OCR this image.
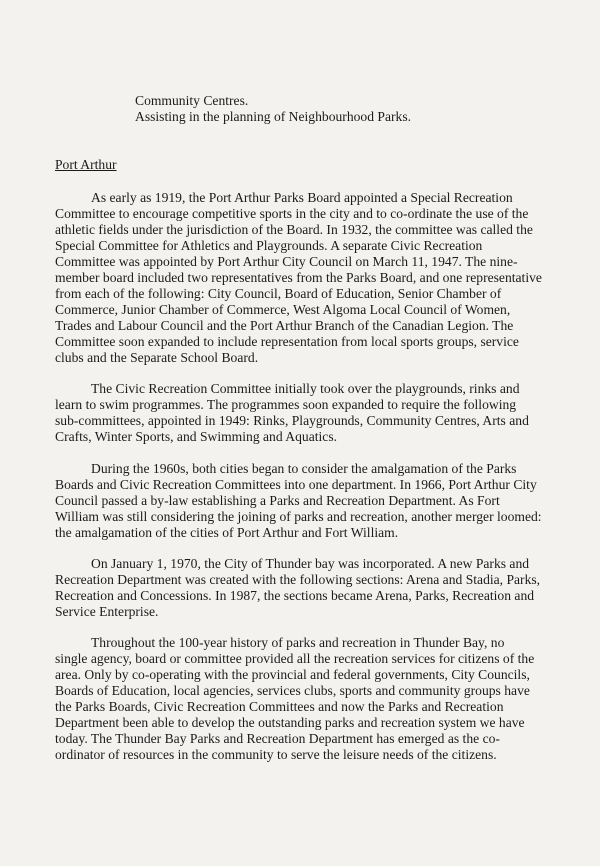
Community Centres.
Assisting in the planning of Neighbourhood Parks.
Port Arthur
As early as 1919, the Port Arthur Parks Board appointed a Special Recreation
Committee to encourage competitive sports in the city and to co-ordinate the use of the
athletic fields under the jurisdiction of the Board. In 1932, the committee was called the
Special Committee for Athletics and Playgrounds. A separate Civic Recreation
Committee was appointed by Port Arthur City Council on March 11, 1947. The nine-
member board included two representatives from the Parks Board, and one representative
from each of the following: City Council, Board of Education, Senior Chamber of
Commerce, Junior Chamber of Commerce, West Algoma Local Council of Women,
Trades and Labour Council and the Port Arthur Branch of the Canadian Legion. The
Committee soon expanded to include representation from local sports groups, service
clubs and the Separate School Board.
The Civic Recreation Committee initially took over the playgrounds, rinks and
learn to swim programmes. The programmes soon expanded to require the following
sub-committees, appointed in 1949: Rinks, Playgrounds, Community Centres, Arts and
Crafts, Winter Sports, and Swimming and Aquatics.
During the 1960s, both cities began to consider the amalgamation of the Parks
Boards and Civic Recreation Committees into one department. In 1966, Port Arthur City
Council passed a by-law establishing a Parks and Recreation Department. As Fort
William was still considering the joining of parks and recreation, another merger loomed:
the amalgamation of the cities of Port Arthur and Fort William.
On January 1, 1970, the City of Thunder bay was incorporated. A new Parks and
Recreation Department was created with the following sections: Arena and Stadia, Parks,
Recreation and Concessions. In 1987, the sections became Arena, Parks, Recreation and
Service Enterprise.
Throughout the 100-year history of parks and recreation in Thunder Bay, no
single agency, board or committee provided all the recreation services for citizens of the
area. Only by co-operating with the provincial and federal governments, City Councils,
Boards of Education, local agencies, services clubs, sports and community groups have
the Parks Boards, Civic Recreation Committees and now the Parks and Recreation
Department been able to develop the outstanding parks and recreation system we have
today. The Thunder Bay Parks and Recreation Department has emerged as the co-
ordinator of resources in the community to serve the leisure needs of the citizens.
